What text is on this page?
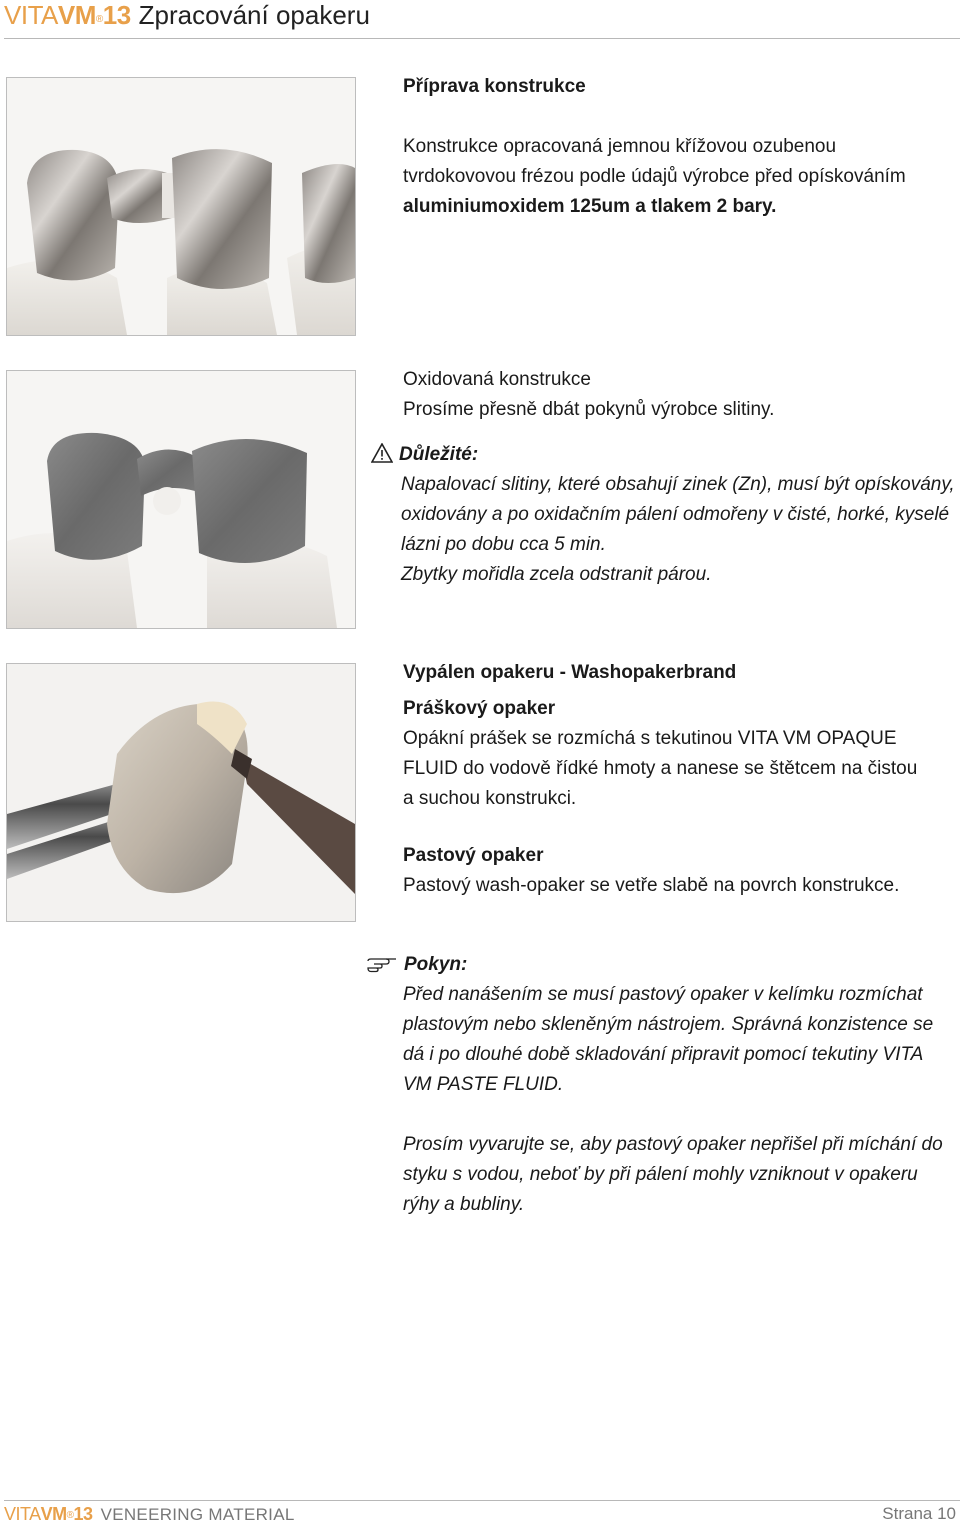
VITAVM®13 Zpracování opakeru

Příprava konstrukce

Konstrukce opracovaná jemnou křížovou ozubenou tvrdokovovou frézou podle údajů výrobce před opískováním aluminiumoxidem 125um a tlakem 2 bary.

Oxidovaná konstrukce

Prosíme přesně dbát pokynů výrobce slitiny.

Důležité:

Napalovací slitiny, které obsahují zinek (Zn), musí být opískovány, oxidovány a po oxidačním pálení odmořeny v čisté, horké, kyselé lázni po dobu cca 5 min.

Zbytky mořidla zcela odstranit párou.

Vypálen opakeru - Washopakerbrand

Práškový opaker

Opákní prášek se rozmíchá s tekutinou VITA VM OPAQUE FLUID do vodově řídké hmoty a nanese se štětcem na čistou a suchou konstrukci.

Pastový opaker

Pastový wash-opaker se vetře slabě na povrch konstrukce.

Pokyn:

Před nanášením se musí pastový opaker v kelímku rozmíchat plastovým nebo skleněným nástrojem. Správná konzistence se dá i po dlouhé době skladování připravit pomocí tekutiny VITA VM PASTE FLUID.

Prosím vyvarujte se, aby pastový opaker nepřišel při míchání do styku s vodou, neboť by při pálení mohly vzniknout v opakeru rýhy a bubliny.

VITAVM®13 VENEERING MATERIAL	Strana 10
